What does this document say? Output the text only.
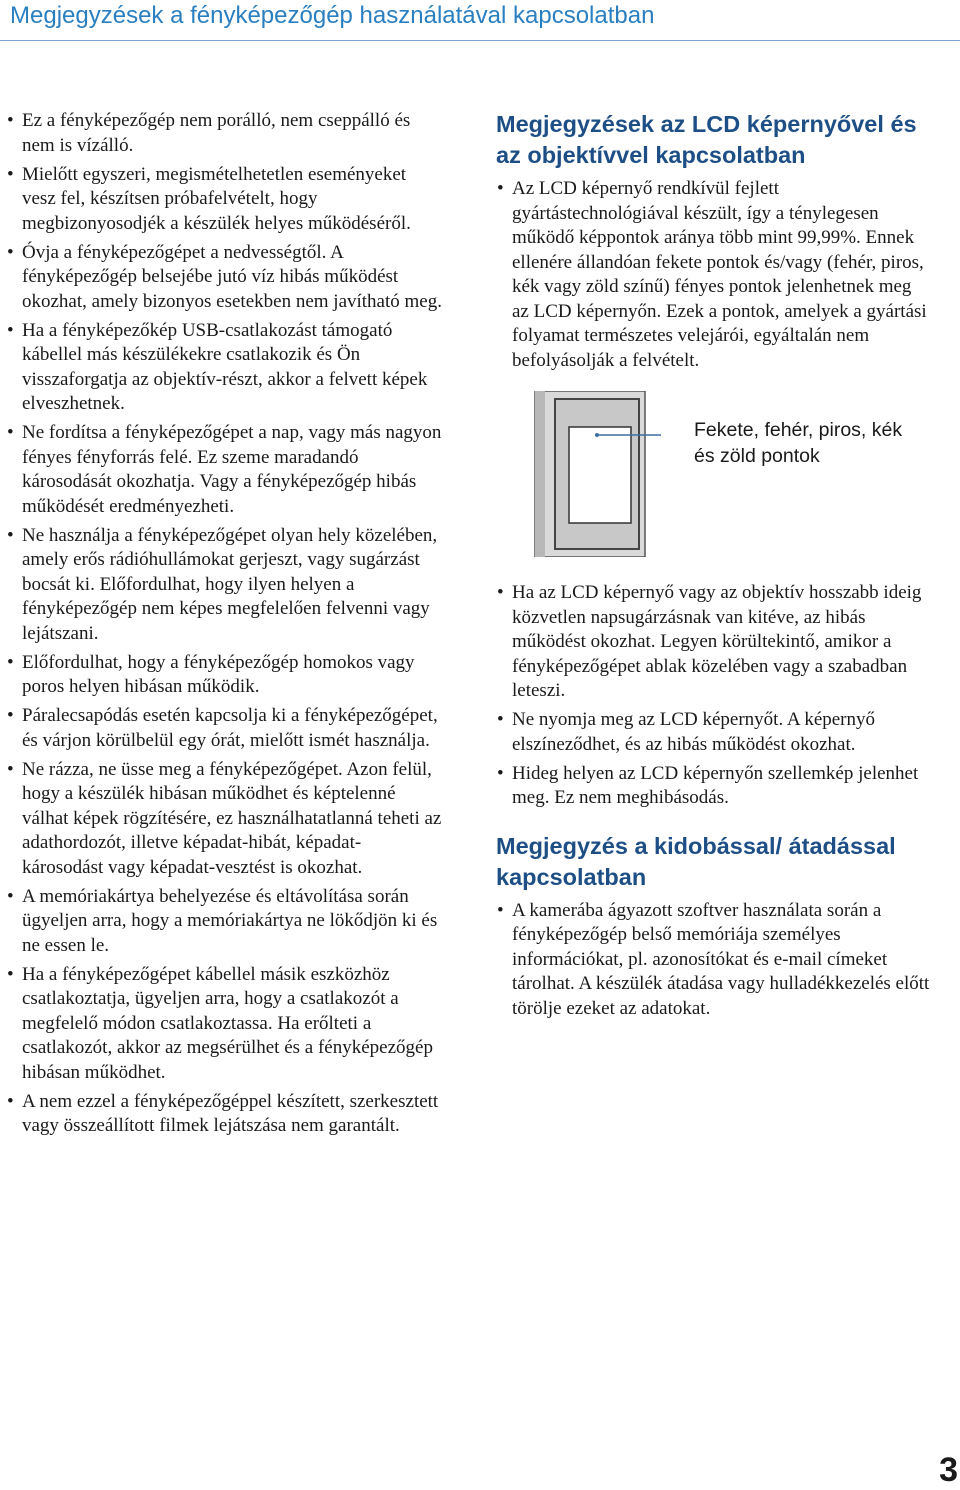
Megjegyzések a fényképezőgép használatával kapcsolatban
• Ez a fényképezőgép nem porálló, nem cseppálló és nem is vízálló.
• Mielőtt egyszeri, megismételhetetlen eseményeket vesz fel, készítsen próbafelvételt, hogy megbizonyosodjék a készülék helyes működéséről.
• Óvja a fényképezőgépet a nedvességtől. A fényképezőgép belsejébe jutó víz hibás működést okozhat, amely bizonyos esetekben nem javítható meg.
• Ha a fényképezőkép USB-csatlakozást támogató kábellel más készülékekre csatlakozik és Ön visszaforgatja az objektív-részt, akkor a felvett képek elveszhetnek.
• Ne fordítsa a fényképezőgépet a nap, vagy más nagyon fényes fényforrás felé. Ez szeme maradandó károsodását okozhatja. Vagy a fényképezőgép hibás működését eredményezheti.
• Ne használja a fényképezőgépet olyan hely közelében, amely erős rádióhullámokat gerjeszt, vagy sugárzást bocsát ki. Előfordulhat, hogy ilyen helyen a fényképezőgép nem képes megfelelően felvenni vagy lejátszani.
• Előfordulhat, hogy a fényképezőgép homokos vagy poros helyen hibásan működik.
• Páralecsapódás esetén kapcsolja ki a fényképezőgépet, és várjon körülbelül egy órát, mielőtt ismét használja.
• Ne rázza, ne üsse meg a fényképezőgépet. Azon felül, hogy a készülék hibásan működhet és képtelenné válhat képek rögzítésére, ez használhatatlanná teheti az adathordozót, illetve képadat-hibát, képadat-károsodást vagy képadat-vesztést is okozhat.
• A memóriakártya behelyezése és eltávolítása során ügyeljen arra, hogy a memóriakártya ne lökődjön ki és ne essen le.
• Ha a fényképezőgépet kábellel másik eszközhöz csatlakoztatja, ügyeljen arra, hogy a csatlakozót a megfelelő módon csatlakoztassa. Ha erőlteti a csatlakozót, akkor az megsérülhet és a fényképezőgép hibásan működhet.
• A nem ezzel a fényképezőgéppel készített, szerkesztett vagy összeállított filmek lejátszása nem garantált.
Megjegyzések az LCD képernyővel és az objektívvel kapcsolatban
• Az LCD képernyő rendkívül fejlett gyártástechnológiával készült, így a ténylegesen működő képpontok aránya több mint 99,99%. Ennek ellenére állandóan fekete pontok és/vagy (fehér, piros, kék vagy zöld színű) fényes pontok jelenhetnek meg az LCD képernyőn. Ezek a pontok, amelyek a gyártási folyamat természetes velejárói, egyáltalán nem befolyásolják a felvételt.
Fekete, fehér, piros, kék és zöld pontok
• Ha az LCD képernyő vagy az objektív hosszabb ideig közvetlen napsugárzásnak van kitéve, az hibás működést okozhat. Legyen körültekintő, amikor a fényképezőgépet ablak közelében vagy a szabadban leteszi.
• Ne nyomja meg az LCD képernyőt. A képernyő elszíneződhet, és az hibás működést okozhat.
• Hideg helyen az LCD képernyőn szellemkép jelenhet meg. Ez nem meghibásodás.
Megjegyzés a kidobással/ átadással kapcsolatban
• A kamerába ágyazott szoftver használata során a fényképezőgép belső memóriája személyes információkat, pl. azonosítókat és e-mail címeket tárolhat. A készülék átadása vagy hulladékkezelés előtt törölje ezeket az adatokat.
3
